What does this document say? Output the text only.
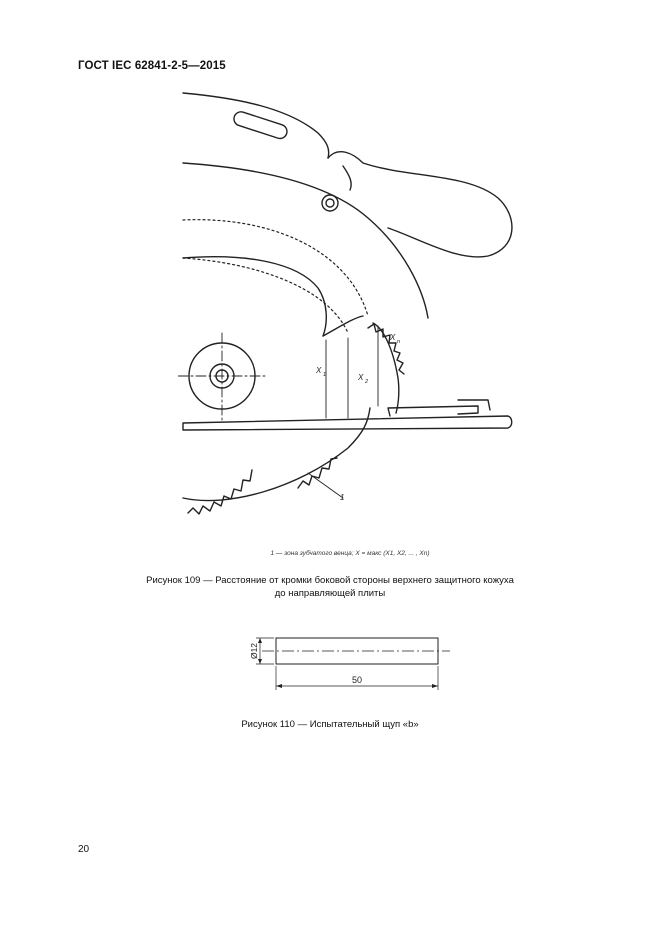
ГОСТ IEC 62841-2-5—2015
X 1	X 2
X n
1
1 — зона зубчатого венца; X = макс (X1, X2, ... , Xn)
Рисунок 109 — Расстояние от кромки боковой стороны верхнего защитного кожуха
до направляющей плиты
Ø12
50
Рисунок 110 — Испытательный щуп «b»
20
